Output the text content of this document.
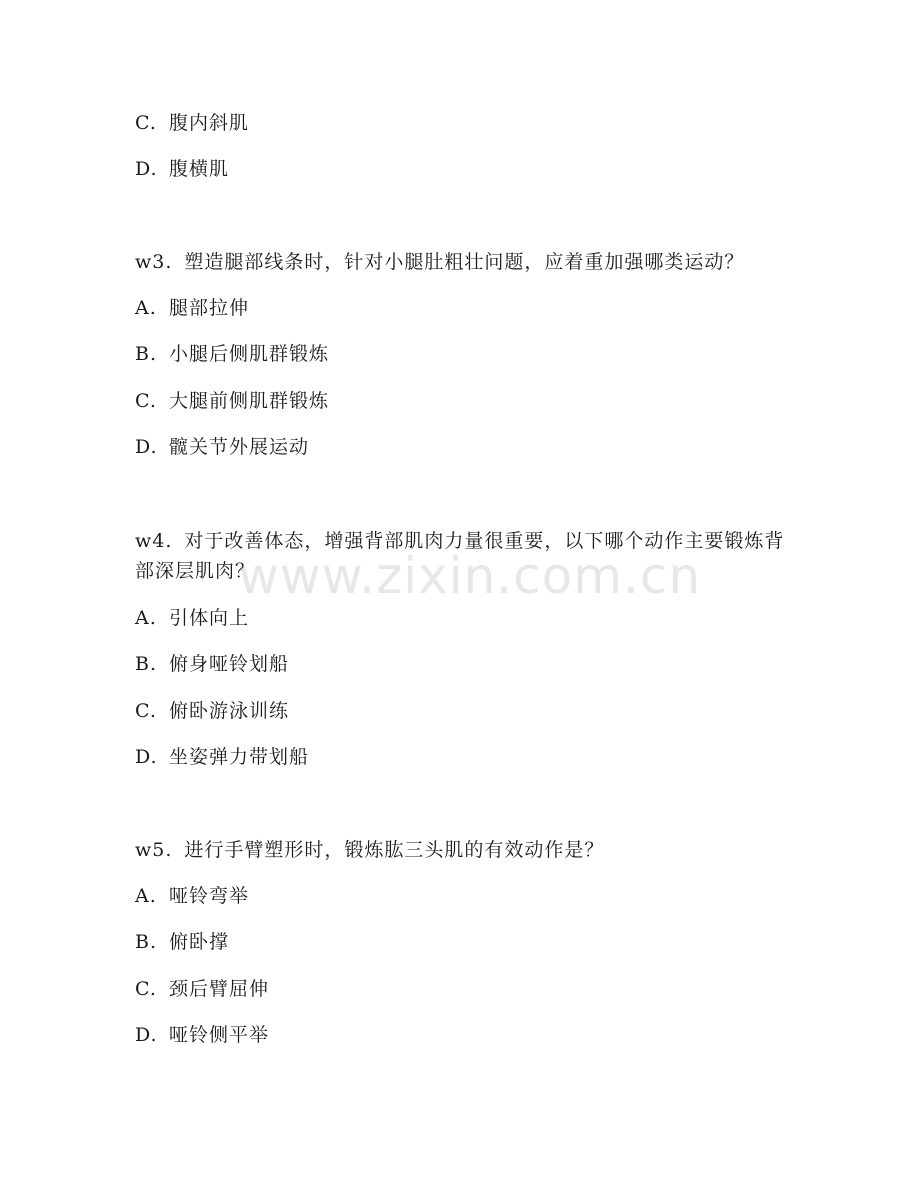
C. 腹内斜肌
D. 腹横肌
w3. 塑造腿部线条时，针对小腿肚粗壮问题，应着重加强哪类运动？
A. 腿部拉伸
B. 小腿后侧肌群锻炼
C. 大腿前侧肌群锻炼
D. 髋关节外展运动
w4. 对于改善体态，增强背部肌肉力量很重要，以下哪个动作主要锻炼背部深层肌肉？
A. 引体向上
B. 俯身哑铃划船
C. 俯卧游泳训练
D. 坐姿弹力带划船
w5. 进行手臂塑形时，锻炼肱三头肌的有效动作是？
A. 哑铃弯举
B. 俯卧撑
C. 颈后臂屈伸
D. 哑铃侧平举
www.zixin.com.cn
